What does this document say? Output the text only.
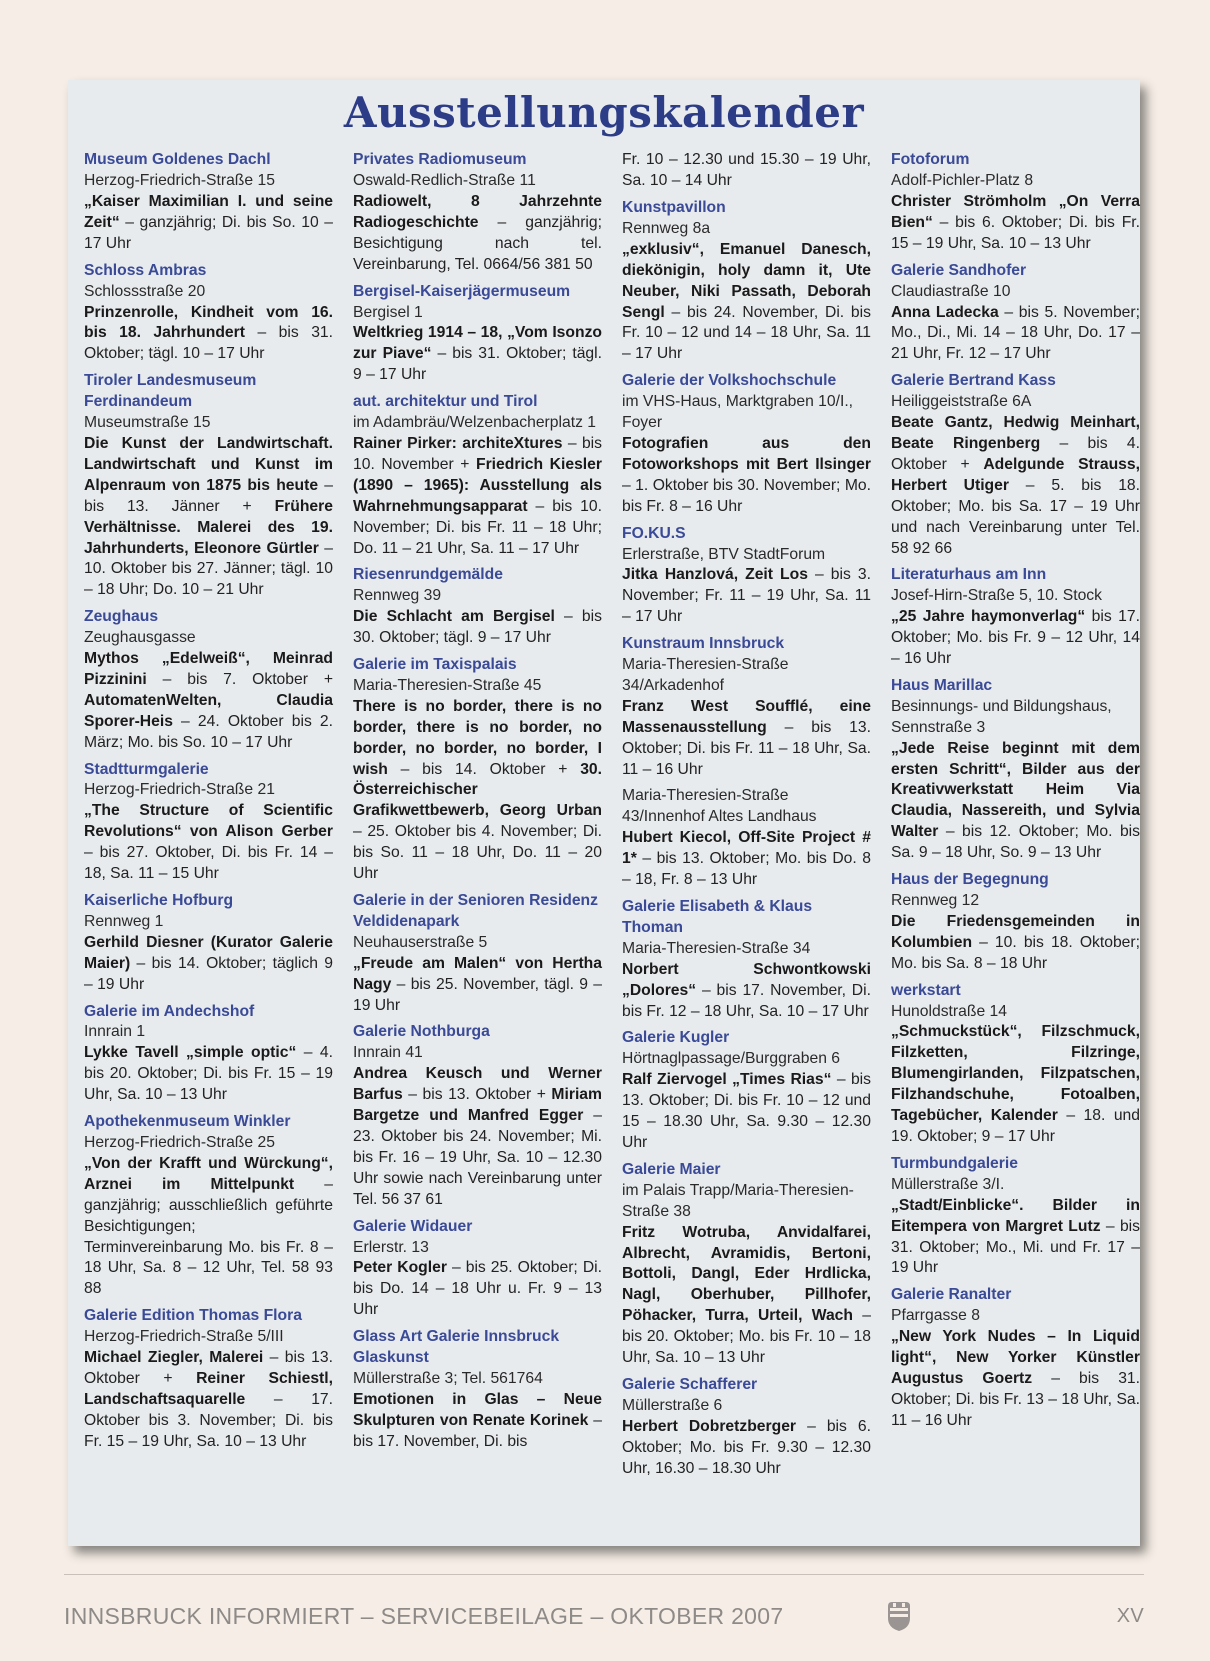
Ausstellungskalender
Museum Goldenes Dachl
Herzog-Friedrich-Straße 15
„Kaiser Maximilian I. und seine Zeit“ – ganzjährig; Di. bis So. 10 – 17 Uhr
Schloss Ambras
Schlossstraße 20
Prinzenrolle, Kindheit vom 16. bis 18. Jahrhundert – bis 31. Oktober; tägl. 10 – 17 Uhr
Tiroler Landesmuseum Ferdinandeum
Museumstraße 15
Die Kunst der Landwirtschaft. Landwirtschaft und Kunst im Alpenraum von 1875 bis heute – bis 13. Jänner + Frühere Verhältnisse. Malerei des 19. Jahrhunderts, Eleonore Gürtler – 10. Oktober bis 27. Jänner; tägl. 10 – 18 Uhr; Do. 10 – 21 Uhr
Zeughaus
Zeughausgasse
Mythos „Edelweiß“, Meinrad Pizzinini – bis 7. Oktober + AutomatenWelten, Claudia Sporer-Heis – 24. Oktober bis 2. März; Mo. bis So. 10 – 17 Uhr
Stadtturmgalerie
Herzog-Friedrich-Straße 21
„The Structure of Scientific Revolutions“ von Alison Gerber – bis 27. Oktober, Di. bis Fr. 14 – 18, Sa. 11 – 15 Uhr
Kaiserliche Hofburg
Rennweg 1
Gerhild Diesner (Kurator Galerie Maier) – bis 14. Oktober; täglich 9 – 19 Uhr
Galerie im Andechshof
Innrain 1
Lykke Tavell „simple optic“ – 4. bis 20. Oktober; Di. bis Fr. 15 – 19 Uhr, Sa. 10 – 13 Uhr
Apothekenmuseum Winkler
Herzog-Friedrich-Straße 25
„Von der Krafft und Würckung“, Arznei im Mittelpunkt – ganzjährig; ausschließlich geführte Besichtigungen; Terminvereinbarung Mo. bis Fr. 8 – 18 Uhr, Sa. 8 – 12 Uhr, Tel. 58 93 88
Galerie Edition Thomas Flora
Herzog-Friedrich-Straße 5/III
Michael Ziegler, Malerei – bis 13. Oktober + Reiner Schiestl, Landschaftsaquarelle – 17. Oktober bis 3. November; Di. bis Fr. 15 – 19 Uhr, Sa. 10 – 13 Uhr
Privates Radiomuseum
Oswald-Redlich-Straße 11
Radiowelt, 8 Jahrzehnte Radiogeschichte – ganzjährig; Besichtigung nach tel. Vereinbarung, Tel. 0664/56 381 50
Bergisel-Kaiserjägermuseum
Bergisel 1
Weltkrieg 1914 – 18, „Vom Isonzo zur Piave“ – bis 31. Oktober; tägl. 9 – 17 Uhr
aut. architektur und Tirol
im Adambräu/Welzenbacherplatz 1
Rainer Pirker: architeXtures – bis 10. November + Friedrich Kiesler (1890 – 1965): Ausstellung als Wahrnehmungsapparat – bis 10. November; Di. bis Fr. 11 – 18 Uhr; Do. 11 – 21 Uhr, Sa. 11 – 17 Uhr
Riesenrundgemälde
Rennweg 39
Die Schlacht am Bergisel – bis 30. Oktober; tägl. 9 – 17 Uhr
Galerie im Taxispalais
Maria-Theresien-Straße 45
There is no border, there is no border, there is no border, no border, no border, no border, I wish – bis 14. Oktober + 30. Österreichischer Grafikwettbewerb, Georg Urban – 25. Oktober bis 4. November; Di. bis So. 11 – 18 Uhr, Do. 11 – 20 Uhr
Galerie in der Senioren Residenz Veldidenapark
Neuhauserstraße 5
„Freude am Malen“ von Hertha Nagy – bis 25. November, tägl. 9 – 19 Uhr
Galerie Nothburga
Innrain 41
Andrea Keusch und Werner Barfus – bis 13. Oktober + Miriam Bargetze und Manfred Egger – 23. Oktober bis 24. November; Mi. bis Fr. 16 – 19 Uhr, Sa. 10 – 12.30 Uhr sowie nach Vereinbarung unter Tel. 56 37 61
Galerie Widauer
Erlerstr. 13
Peter Kogler – bis 25. Oktober; Di. bis Do. 14 – 18 Uhr u. Fr. 9 – 13 Uhr
Glass Art Galerie Innsbruck Glaskunst
Müllerstraße 3; Tel. 561764
Emotionen in Glas – Neue Skulpturen von Renate Korinek – bis 17. November, Di. bis
Fr. 10 – 12.30 und 15.30 – 19 Uhr, Sa. 10 – 14 Uhr
Kunstpavillon
Rennweg 8a
„exklusiv“, Emanuel Danesch, diekönigin, holy damn it, Ute Neuber, Niki Passath, Deborah Sengl – bis 24. November, Di. bis Fr. 10 – 12 und 14 – 18 Uhr, Sa. 11 – 17 Uhr
Galerie der Volkshochschule
im VHS-Haus, Marktgraben 10/I., Foyer
Fotografien aus den Fotoworkshops mit Bert Ilsinger – 1. Oktober bis 30. November; Mo. bis Fr. 8 – 16 Uhr
FO.KU.S
Erlerstraße, BTV StadtForum
Jitka Hanzlová, Zeit Los – bis 3. November; Fr. 11 – 19 Uhr, Sa. 11 – 17 Uhr
Kunstraum Innsbruck
Maria-Theresien-Straße 34/Arkadenhof
Franz West Soufflé, eine Massenausstellung – bis 13. Oktober; Di. bis Fr. 11 – 18 Uhr, Sa. 11 – 16 Uhr
Maria-Theresien-Straße 43/Innenhof Altes Landhaus
Hubert Kiecol, Off-Site Project # 1* – bis 13. Oktober; Mo. bis Do. 8 – 18, Fr. 8 – 13 Uhr
Galerie Elisabeth & Klaus Thoman
Maria-Theresien-Straße 34
Norbert Schwontkowski „Dolores“ – bis 17. November, Di. bis Fr. 12 – 18 Uhr, Sa. 10 – 17 Uhr
Galerie Kugler
Hörtnaglpassage/Burggraben 6
Ralf Ziervogel „Times Rias“ – bis 13. Oktober; Di. bis Fr. 10 – 12 und 15 – 18.30 Uhr, Sa. 9.30 – 12.30 Uhr
Galerie Maier
im Palais Trapp/Maria-Theresien-Straße 38
Fritz Wotruba, Anvidalfarei, Albrecht, Avramidis, Bertoni, Bottoli, Dangl, Eder Hrdlicka, Nagl, Oberhuber, Pillhofer, Pöhacker, Turra, Urteil, Wach – bis 20. Oktober; Mo. bis Fr. 10 – 18 Uhr, Sa. 10 – 13 Uhr
Galerie Schafferer
Müllerstraße 6
Herbert Dobretzberger – bis 6. Oktober; Mo. bis Fr. 9.30 – 12.30 Uhr, 16.30 – 18.30 Uhr
Fotoforum
Adolf-Pichler-Platz 8
Christer Strömholm „On Verra Bien“ – bis 6. Oktober; Di. bis Fr. 15 – 19 Uhr, Sa. 10 – 13 Uhr
Galerie Sandhofer
Claudiastraße 10
Anna Ladecka – bis 5. November; Mo., Di., Mi. 14 – 18 Uhr, Do. 17 – 21 Uhr, Fr. 12 – 17 Uhr
Galerie Bertrand Kass
Heiliggeiststraße 6A
Beate Gantz, Hedwig Meinhart, Beate Ringenberg – bis 4. Oktober + Adelgunde Strauss, Herbert Utiger – 5. bis 18. Oktober; Mo. bis Sa. 17 – 19 Uhr und nach Vereinbarung unter Tel. 58 92 66
Literaturhaus am Inn
Josef-Hirn-Straße 5, 10. Stock
„25 Jahre haymonverlag“ bis 17. Oktober; Mo. bis Fr. 9 – 12 Uhr, 14 – 16 Uhr
Haus Marillac
Besinnungs- und Bildungshaus, Sennstraße 3
„Jede Reise beginnt mit dem ersten Schritt“, Bilder aus der Kreativwerkstatt Heim Via Claudia, Nassereith, und Sylvia Walter – bis 12. Oktober; Mo. bis Sa. 9 – 18 Uhr, So. 9 – 13 Uhr
Haus der Begegnung
Rennweg 12
Die Friedensgemeinden in Kolumbien – 10. bis 18. Oktober; Mo. bis Sa. 8 – 18 Uhr
werkstart
Hunoldstraße 14
„Schmuckstück“, Filzschmuck, Filzketten, Filzringe, Blumengirlanden, Filzpatschen, Filzhandschuhe, Fotoalben, Tagebücher, Kalender – 18. und 19. Oktober; 9 – 17 Uhr
Turmbundgalerie
Müllerstraße 3/I.
„Stadt/Einblicke“. Bilder in Eitempera von Margret Lutz – bis 31. Oktober; Mo., Mi. und Fr. 17 – 19 Uhr
Galerie Ranalter
Pfarrgasse 8
„New York Nudes – In Liquid light“, New Yorker Künstler Augustus Goertz – bis 31. Oktober; Di. bis Fr. 13 – 18 Uhr, Sa. 11 – 16 Uhr
INNSBRUCK INFORMIERT – SERVICEBEILAGE – OKTOBER 2007	XV
